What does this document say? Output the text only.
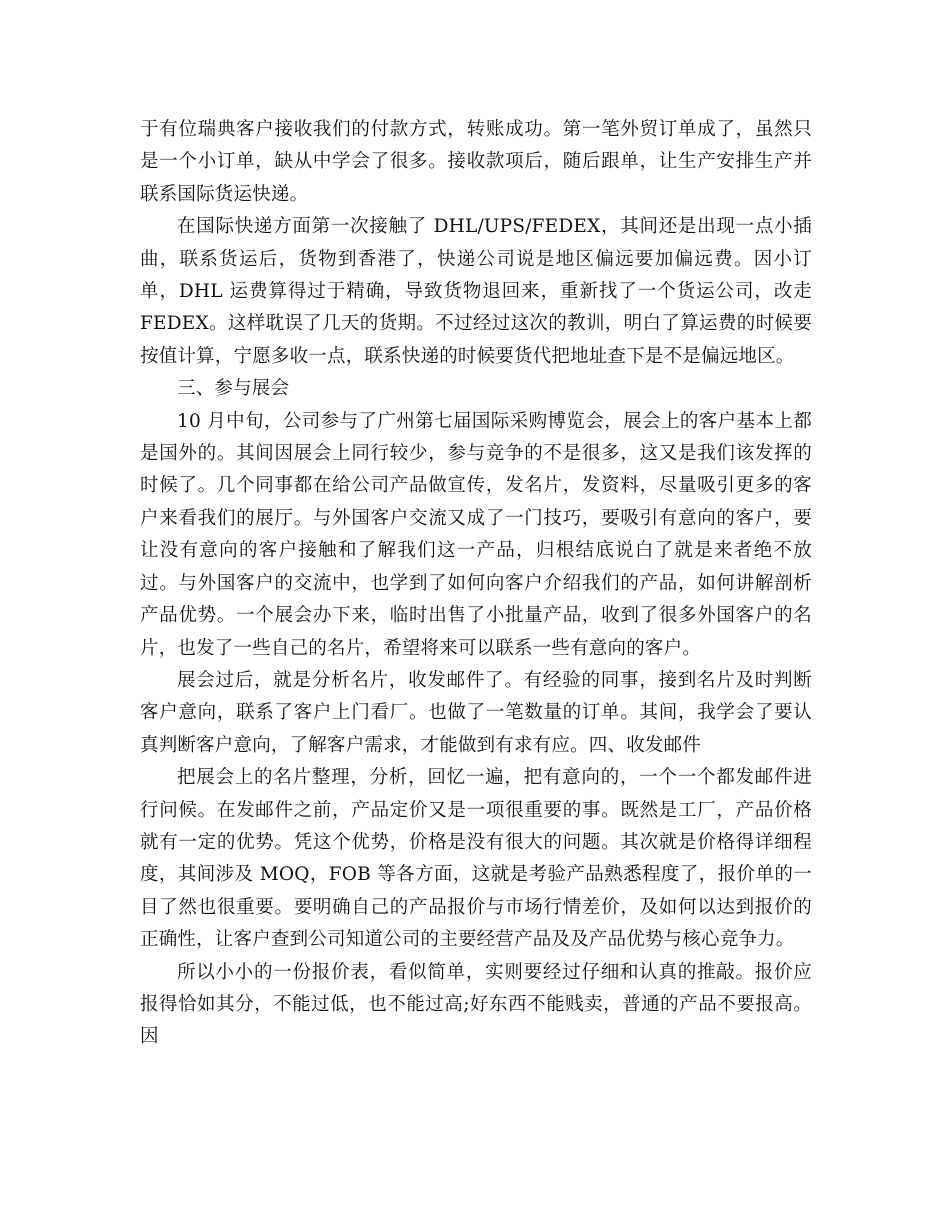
于有位瑞典客户接收我们的付款方式，转账成功。第一笔外贸订单成了，虽然只是一个小订单，缺从中学会了很多。接收款项后，随后跟单，让生产安排生产并联系国际货运快递。

在国际快递方面第一次接触了 DHL/UPS/FEDEX，其间还是出现一点小插曲，联系货运后，货物到香港了，快递公司说是地区偏远要加偏远费。因小订单，DHL 运费算得过于精确，导致货物退回来，重新找了一个货运公司，改走 FEDEX。这样耽误了几天的货期。不过经过这次的教训，明白了算运费的时候要按值计算，宁愿多收一点，联系快递的时候要货代把地址查下是不是偏远地区。

三、参与展会

10 月中旬，公司参与了广州第七届国际采购博览会，展会上的客户基本上都是国外的。其间因展会上同行较少，参与竞争的不是很多，这又是我们该发挥的时候了。几个同事都在给公司产品做宣传，发名片，发资料，尽量吸引更多的客户来看我们的展厅。与外国客户交流又成了一门技巧，要吸引有意向的客户，要让没有意向的客户接触和了解我们这一产品，归根结底说白了就是来者绝不放过。与外国客户的交流中，也学到了如何向客户介绍我们的产品，如何讲解剖析产品优势。一个展会办下来，临时出售了小批量产品，收到了很多外国客户的名片，也发了一些自己的名片，希望将来可以联系一些有意向的客户。

展会过后，就是分析名片，收发邮件了。有经验的同事，接到名片及时判断客户意向，联系了客户上门看厂。也做了一笔数量的订单。其间，我学会了要认真判断客户意向，了解客户需求，才能做到有求有应。四、收发邮件

把展会上的名片整理，分析，回忆一遍，把有意向的，一个一个都发邮件进行问候。在发邮件之前，产品定价又是一项很重要的事。既然是工厂，产品价格就有一定的优势。凭这个优势，价格是没有很大的问题。其次就是价格得详细程度，其间涉及 MOQ，FOB 等各方面，这就是考验产品熟悉程度了，报价单的一目了然也很重要。要明确自己的产品报价与市场行情差价，及如何以达到报价的正确性，让客户查到公司知道公司的主要经营产品及及产品优势与核心竞争力。

所以小小的一份报价表，看似简单，实则要经过仔细和认真的推敲。报价应报得恰如其分，不能过低，也不能过高;好东西不能贱卖，普通的产品不要报高。因
